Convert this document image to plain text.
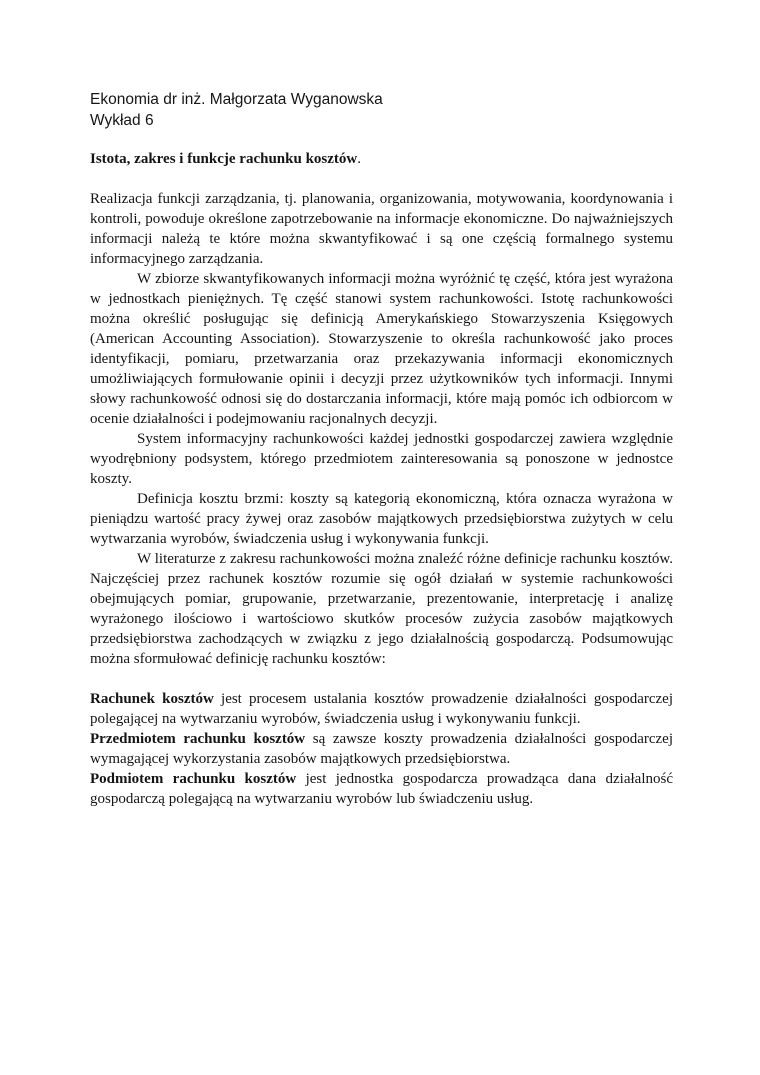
Ekonomia dr inż. Małgorzata Wyganowska
Wykład 6

Istota, zakres i funkcje rachunku kosztów.

Realizacja funkcji zarządzania, tj. planowania, organizowania, motywowania, koordynowania i kontroli, powoduje określone zapotrzebowanie na informacje ekonomiczne. Do najważniejszych informacji należą te które można skwantyfikować i są one częścią formalnego systemu informacyjnego zarządzania.

W zbiorze skwantyfikowanych informacji można wyróżnić tę część, która jest wyrażona w jednostkach pieniężnych. Tę część stanowi system rachunkowości. Istotę rachunkowości można określić posługując się definicją Amerykańskiego Stowarzyszenia Księgowych (American Accounting Association). Stowarzyszenie to określa rachunkowość jako proces identyfikacji, pomiaru, przetwarzania oraz przekazywania informacji ekonomicznych umożliwiających formułowanie opinii i decyzji przez użytkowników tych informacji. Innymi słowy rachunkowość odnosi się do dostarczania informacji, które mają pomóc ich odbiorcom w ocenie działalności i podejmowaniu racjonalnych decyzji.

System informacyjny rachunkowości każdej jednostki gospodarczej zawiera względnie wyodrębniony podsystem, którego przedmiotem zainteresowania są ponoszone w jednostce koszty.

Definicja kosztu brzmi: koszty są kategorią ekonomiczną, która oznacza wyrażona w pieniądzu wartość pracy żywej oraz zasobów majątkowych przedsiębiorstwa zużytych w celu wytwarzania wyrobów, świadczenia usług i wykonywania funkcji.

W literaturze z zakresu rachunkowości można znaleźć różne definicje rachunku kosztów. Najczęściej przez rachunek kosztów rozumie się ogół działań w systemie rachunkowości obejmujących pomiar, grupowanie, przetwarzanie, prezentowanie, interpretację i analizę wyrażonego ilościowo i wartościowo skutków procesów zużycia zasobów majątkowych przedsiębiorstwa zachodzących w związku z jego działalnością gospodarczą. Podsumowując można sformułować definicję rachunku kosztów:

Rachunek kosztów jest procesem ustalania kosztów prowadzenie działalności gospodarczej polegającej na wytwarzaniu wyrobów, świadczenia usług i wykonywaniu funkcji.

Przedmiotem rachunku kosztów są zawsze koszty prowadzenia działalności gospodarczej wymagającej wykorzystania zasobów majątkowych przedsiębiorstwa.

Podmiotem rachunku kosztów jest jednostka gospodarcza prowadząca dana działalność gospodarczą polegającą na wytwarzaniu wyrobów lub świadczeniu usług.
